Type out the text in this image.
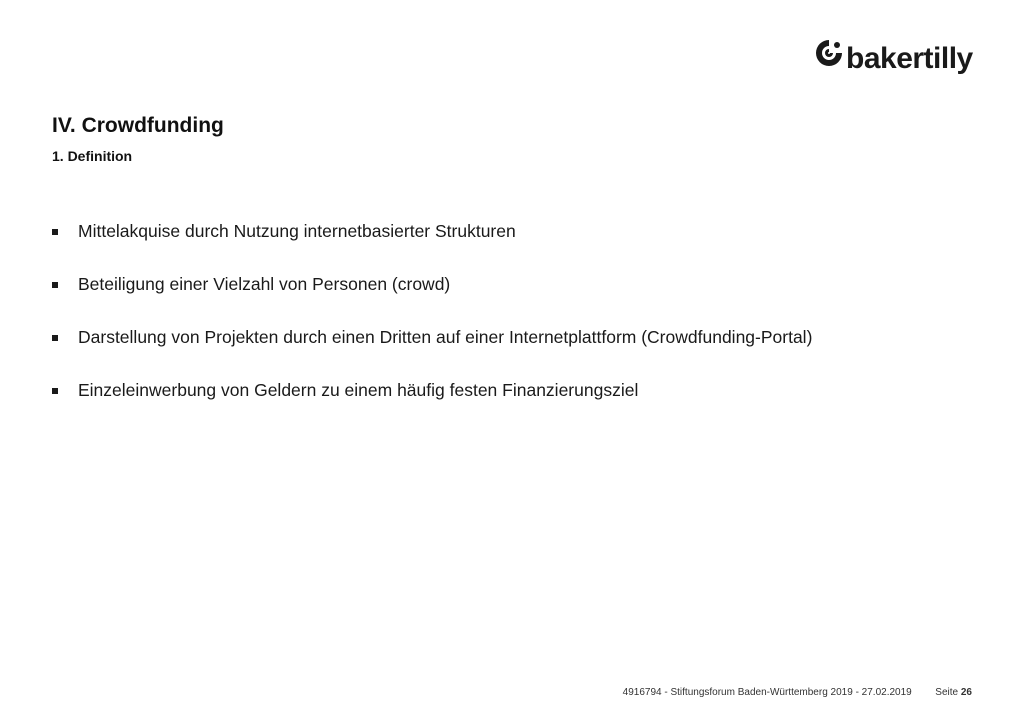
bakertilly
IV. Crowdfunding
1. Definition
Mittelakquise durch Nutzung internetbasierter Strukturen
Beteiligung einer Vielzahl von Personen (crowd)
Darstellung von Projekten durch einen Dritten auf einer Internetplattform (Crowdfunding-Portal)
Einzeleinwerbung von Geldern zu einem häufig festen Finanzierungsziel
4916794 - Stiftungsforum Baden-Württemberg 2019 - 27.02.2019 Seite 26
